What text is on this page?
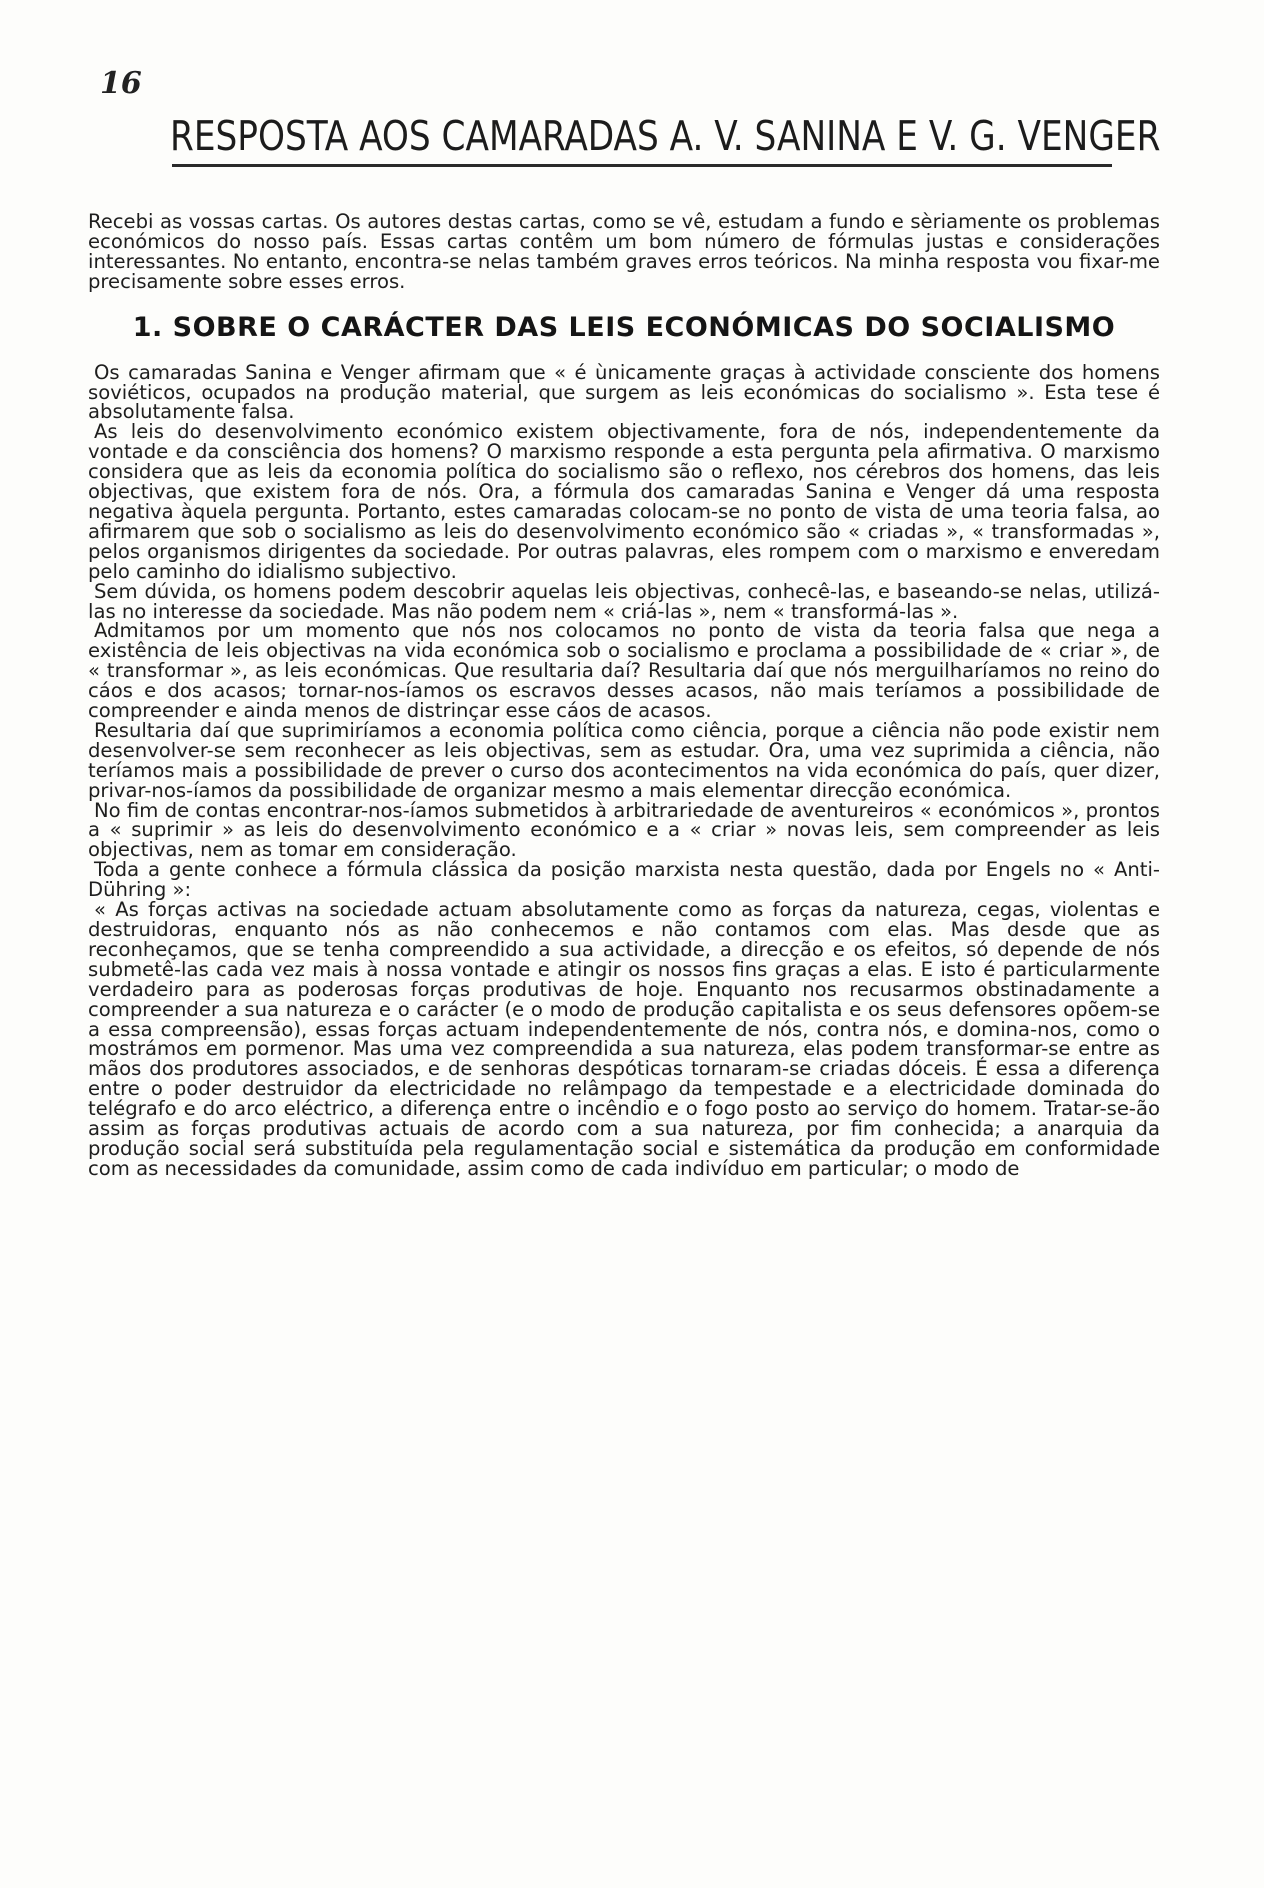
16
RESPOSTA AOS CAMARADAS A. V. SANINA E V. G. VENGER

Recebi as vossas cartas. Os autores destas cartas, como se vê, estudam a fundo e sèriamente os problemas económicos do nosso país. Essas cartas contêm um bom número de fórmulas justas e considerações interessantes. No entanto, encontra-se nelas também graves erros teóricos. Na minha resposta vou fixar-me precisamente sobre esses erros.

1. SOBRE O CARÁCTER DAS LEIS ECONÓMICAS DO SOCIALISMO

Os camaradas Sanina e Venger afirmam que « é ùnicamente graças à actividade consciente dos homens soviéticos, ocupados na produção material, que surgem as leis económicas do socialismo ». Esta tese é absolutamente falsa.

As leis do desenvolvimento económico existem objectivamente, fora de nós, independentemente da vontade e da consciência dos homens? O marxismo responde a esta pergunta pela afirmativa. O marxismo considera que as leis da economia política do socialismo são o reflexo, nos cérebros dos homens, das leis objectivas, que existem fora de nós. Ora, a fórmula dos camaradas Sanina e Venger dá uma resposta negativa àquela pergunta. Portanto, estes camaradas colocam-se no ponto de vista de uma teoria falsa, ao afirmarem que sob o socialismo as leis do desenvolvimento económico são « criadas », « transformadas », pelos organismos dirigentes da sociedade. Por outras palavras, eles rompem com o marxismo e enveredam pelo caminho do idialismo subjectivo.

Sem dúvida, os homens podem descobrir aquelas leis objectivas, conhecê-las, e baseando-se nelas, utilizá-las no interesse da sociedade. Mas não podem nem « criá-las », nem « transformá-las ».

Admitamos por um momento que nós nos colocamos no ponto de vista da teoria falsa que nega a existência de leis objectivas na vida económica sob o socialismo e proclama a possibilidade de « criar », de « transformar », as leis económicas. Que resultaria daí? Resultaria daí que nós merguilharíamos no reino do cáos e dos acasos; tornar-nos-íamos os escravos desses acasos, não mais teríamos a possibilidade de compreender e ainda menos de distrinçar esse cáos de acasos.

Resultaria daí que suprimiríamos a economia política como ciência, porque a ciência não pode existir nem desenvolver-se sem reconhecer as leis objectivas, sem as estudar. Ora, uma vez suprimida a ciência, não teríamos mais a possibilidade de prever o curso dos acontecimentos na vida económica do país, quer dizer, privar-nos-íamos da possibilidade de organizar mesmo a mais elementar direcção económica.

No fim de contas encontrar-nos-íamos submetidos à arbitrariedade de aventureiros « económicos », prontos a « suprimir » as leis do desenvolvimento económico e a « criar » novas leis, sem compreender as leis objectivas, nem as tomar em consideração.

Toda a gente conhece a fórmula clássica da posição marxista nesta questão, dada por Engels no « Anti-Dühring »:

« As forças activas na sociedade actuam absolutamente como as forças da natureza, cegas, violentas e destruidoras, enquanto nós as não conhecemos e não contamos com elas. Mas desde que as reconheçamos, que se tenha compreendido a sua actividade, a direcção e os efeitos, só depende de nós submetê-las cada vez mais à nossa vontade e atingir os nossos fins graças a elas. E isto é particularmente verdadeiro para as poderosas forças produtivas de hoje. Enquanto nos recusarmos obstinadamente a compreender a sua natureza e o carácter (e o modo de produção capitalista e os seus defensores opõem-se a essa compreensão), essas forças actuam independentemente de nós, contra nós, e domina-nos, como o mostrámos em pormenor. Mas uma vez compreendida a sua natureza, elas podem transformar-se entre as mãos dos produtores associados, e de senhoras despóticas tornaram-se criadas dóceis. É essa a diferença entre o poder destruidor da electricidade no relâmpago da tempestade e a electricidade dominada do telégrafo e do arco eléctrico, a diferença entre o incêndio e o fogo posto ao serviço do homem. Tratar-se-ão assim as forças produtivas actuais de acordo com a sua natureza, por fim conhecida; a anarquia da produção social será substituída pela regulamentação social e sistemática da produção em conformidade com as necessidades da comunidade, assim como de cada indivíduo em particular; o modo de
